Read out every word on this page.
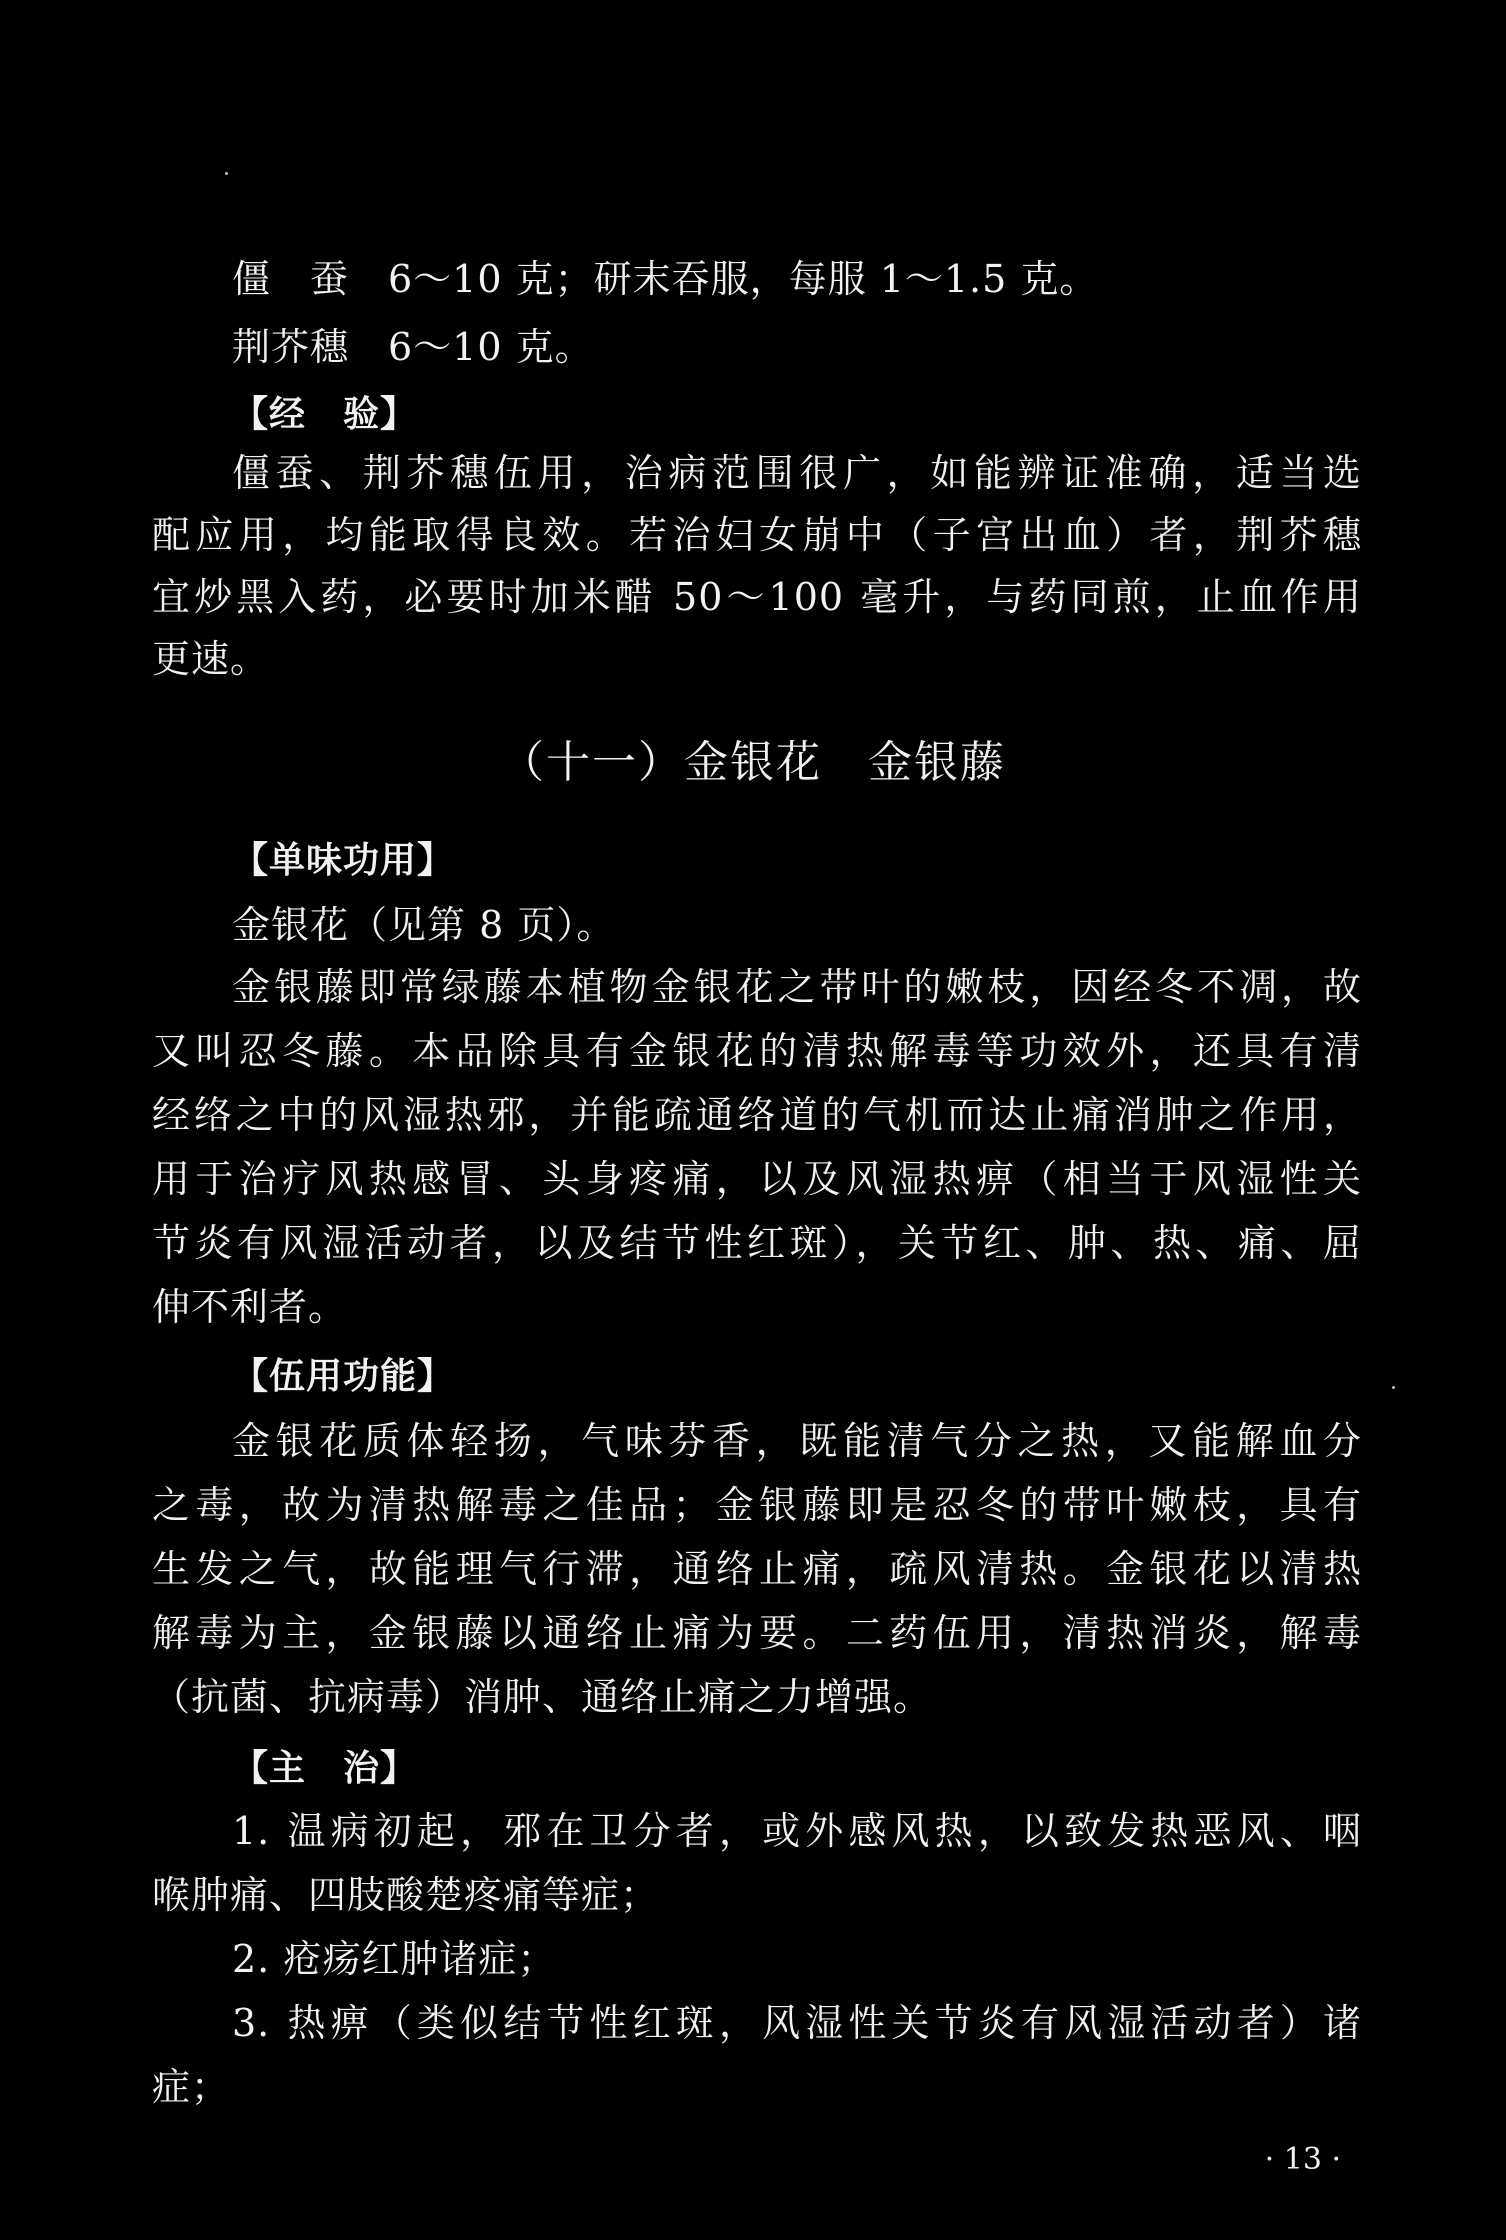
僵　蚕　6～10 克；研末吞服，每服 1～1.5 克。
荆芥穗　6～10 克。
【经　验】
僵蚕、荆芥穗伍用，治病范围很广，如能辨证准确，适当选
配应用，均能取得良效。若治妇女崩中（子宫出血）者，荆芥穗
宜炒黑入药，必要时加米醋 50～100 毫升，与药同煎，止血作用
更速。
（十一）金银花　金银藤
【单味功用】
金银花（见第 8 页）。
金银藤即常绿藤本植物金银花之带叶的嫩枝，因经冬不凋，故
又叫忍冬藤。本品除具有金银花的清热解毒等功效外，还具有清
经络之中的风湿热邪，并能疏通络道的气机而达止痛消肿之作用，
用于治疗风热感冒、头身疼痛，以及风湿热痹（相当于风湿性关
节炎有风湿活动者，以及结节性红斑），关节红、肿、热、痛、屈
伸不利者。
【伍用功能】
金银花质体轻扬，气味芬香，既能清气分之热，又能解血分
之毒，故为清热解毒之佳品；金银藤即是忍冬的带叶嫩枝，具有
生发之气，故能理气行滞，通络止痛，疏风清热。金银花以清热
解毒为主，金银藤以通络止痛为要。二药伍用，清热消炎，解毒
（抗菌、抗病毒）消肿、通络止痛之力增强。
【主　治】
1. 温病初起，邪在卫分者，或外感风热，以致发热恶风、咽
喉肿痛、四肢酸楚疼痛等症；
2. 疮疡红肿诸症；
3. 热痹（类似结节性红斑，风湿性关节炎有风湿活动者）诸
症；
· 13 ·
